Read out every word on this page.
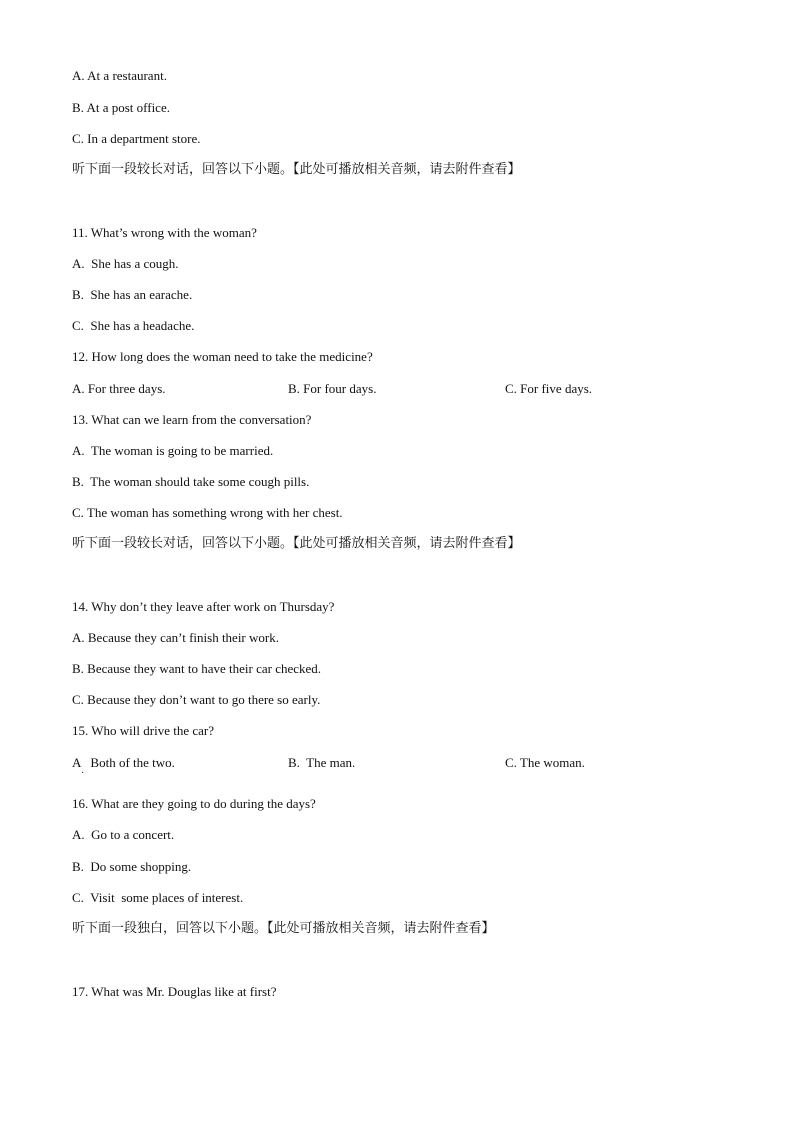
A. At a restaurant.
B. At a post office.
C. In a department store.
听下面一段较长对话，回答以下小题。【此处可播放相关音频，请去附件查看】
11. What’s wrong with the woman?
A.  She has a cough.
B.  She has an earache.
C.  She has a headache.
12. How long does the woman need to take the medicine?
A. For three days.	B. For four days.	C. For five days.
13. What can we learn from the conversation?
A.  The woman is going to be married.
B.  The woman should take some cough pills.
C. The woman has something wrong with her chest.
听下面一段较长对话，回答以下小题。【此处可播放相关音频，请去附件查看】
14. Why don’t they leave after work on Thursday?
A. Because they can’t finish their work.
B. Because they want to have their car checked.
C. Because they don’t want to go there so early.
15. Who will drive the car?
A   Both of the two.
·
B.  The man.	C. The woman.
16. What are they going to do during the days?
A.  Go to a concert.
B.  Do some shopping.
C.  Visit  some places of interest.
听下面一段独白，回答以下小题。【此处可播放相关音频，请去附件查看】
17. What was Mr. Douglas like at first?
